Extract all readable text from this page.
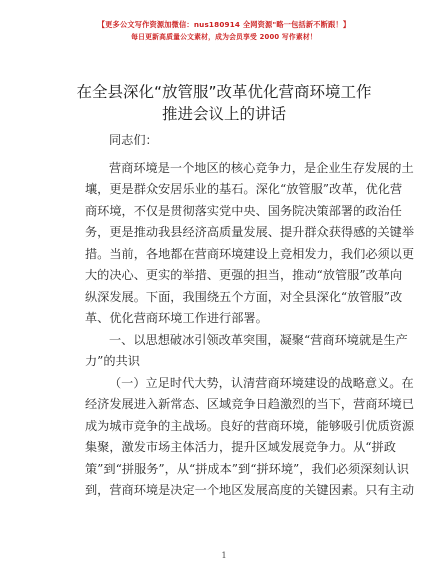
【更多公文写作资源加微信：nus180914 全网资源"略一包括新不断跟！】
每日更新高质量公文素材，成为会员享受 2000 写作素材！
在全县深化“放管服”改革优化营商环境工作
推进会议上的讲话
同志们：
营商环境是一个地区的核心竞争力，是企业生存发展的土
壤，更是群众安居乐业的基石。深化“放管服”改革，优化营
商环境，不仅是贯彻落实党中央、国务院决策部署的政治任
务，更是推动我县经济高质量发展、提升群众获得感的关键举
措。当前，各地都在营商环境建设上竞相发力，我们必须以更
大的决心、更实的举措、更强的担当，推动“放管服”改革向
纵深发展。下面，我围绕五个方面，对全县深化“放管服”改
革、优化营商环境工作进行部署。
一、以思想破冰引领改革突围，凝聚“营商环境就是生产
力”的共识
（一）立足时代大势，认清营商环境建设的战略意义。在
经济发展进入新常态、区域竞争日趋激烈的当下，营商环境已
成为城市竞争的主战场。良好的营商环境，能够吸引优质资源
集聚，激发市场主体活力，提升区域发展竞争力。从“拼政
策”到“拼服务”，从“拼成本”到“拼环境”，我们必须深刻认识
到，营商环境是决定一个地区发展高度的关键因素。只有主动
1
